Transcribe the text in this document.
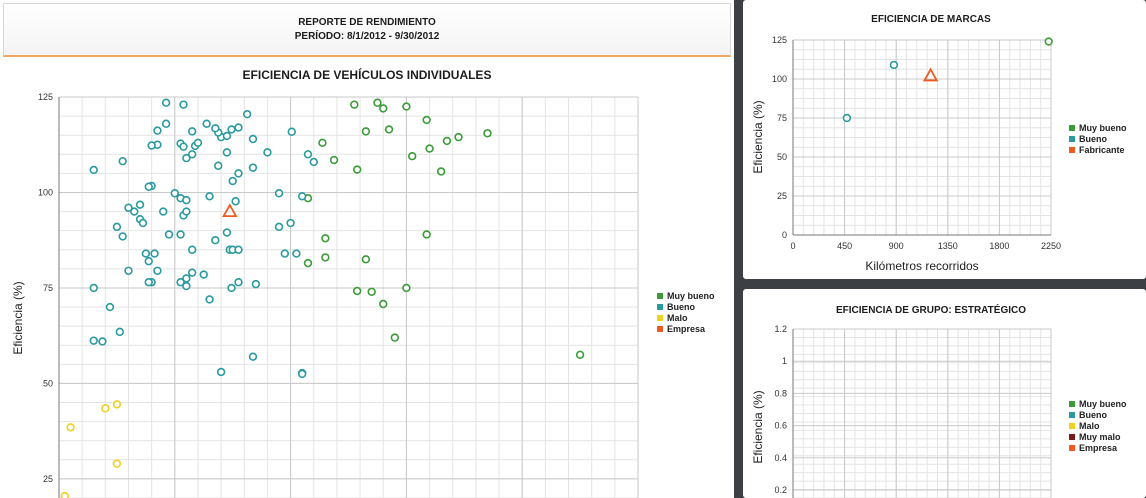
REPORTE DE RENDIMIENTO
PERÍODO: 8/1/2012 - 9/30/2012
EFICIENCIA DE VEHÍCULOS INDIVIDUALES
25
50
75
100
125
Eficiencia (%)	Muy bueno
Bueno
Malo
Empresa
EFICIENCIA DE MARCAS
0	450	900	1350	1800	2250
0
25
50
75
100
125
Kilómetros recorridos
Eficiencia (%)	Muy bueno
Bueno
Fabricante
EFICIENCIA DE GRUPO: ESTRATÉGICO
1.2
1
0.8
0.6
0.4
0.2
Eficiencia (%)	Muy bueno
Bueno
Malo
Muy malo
Empresa
